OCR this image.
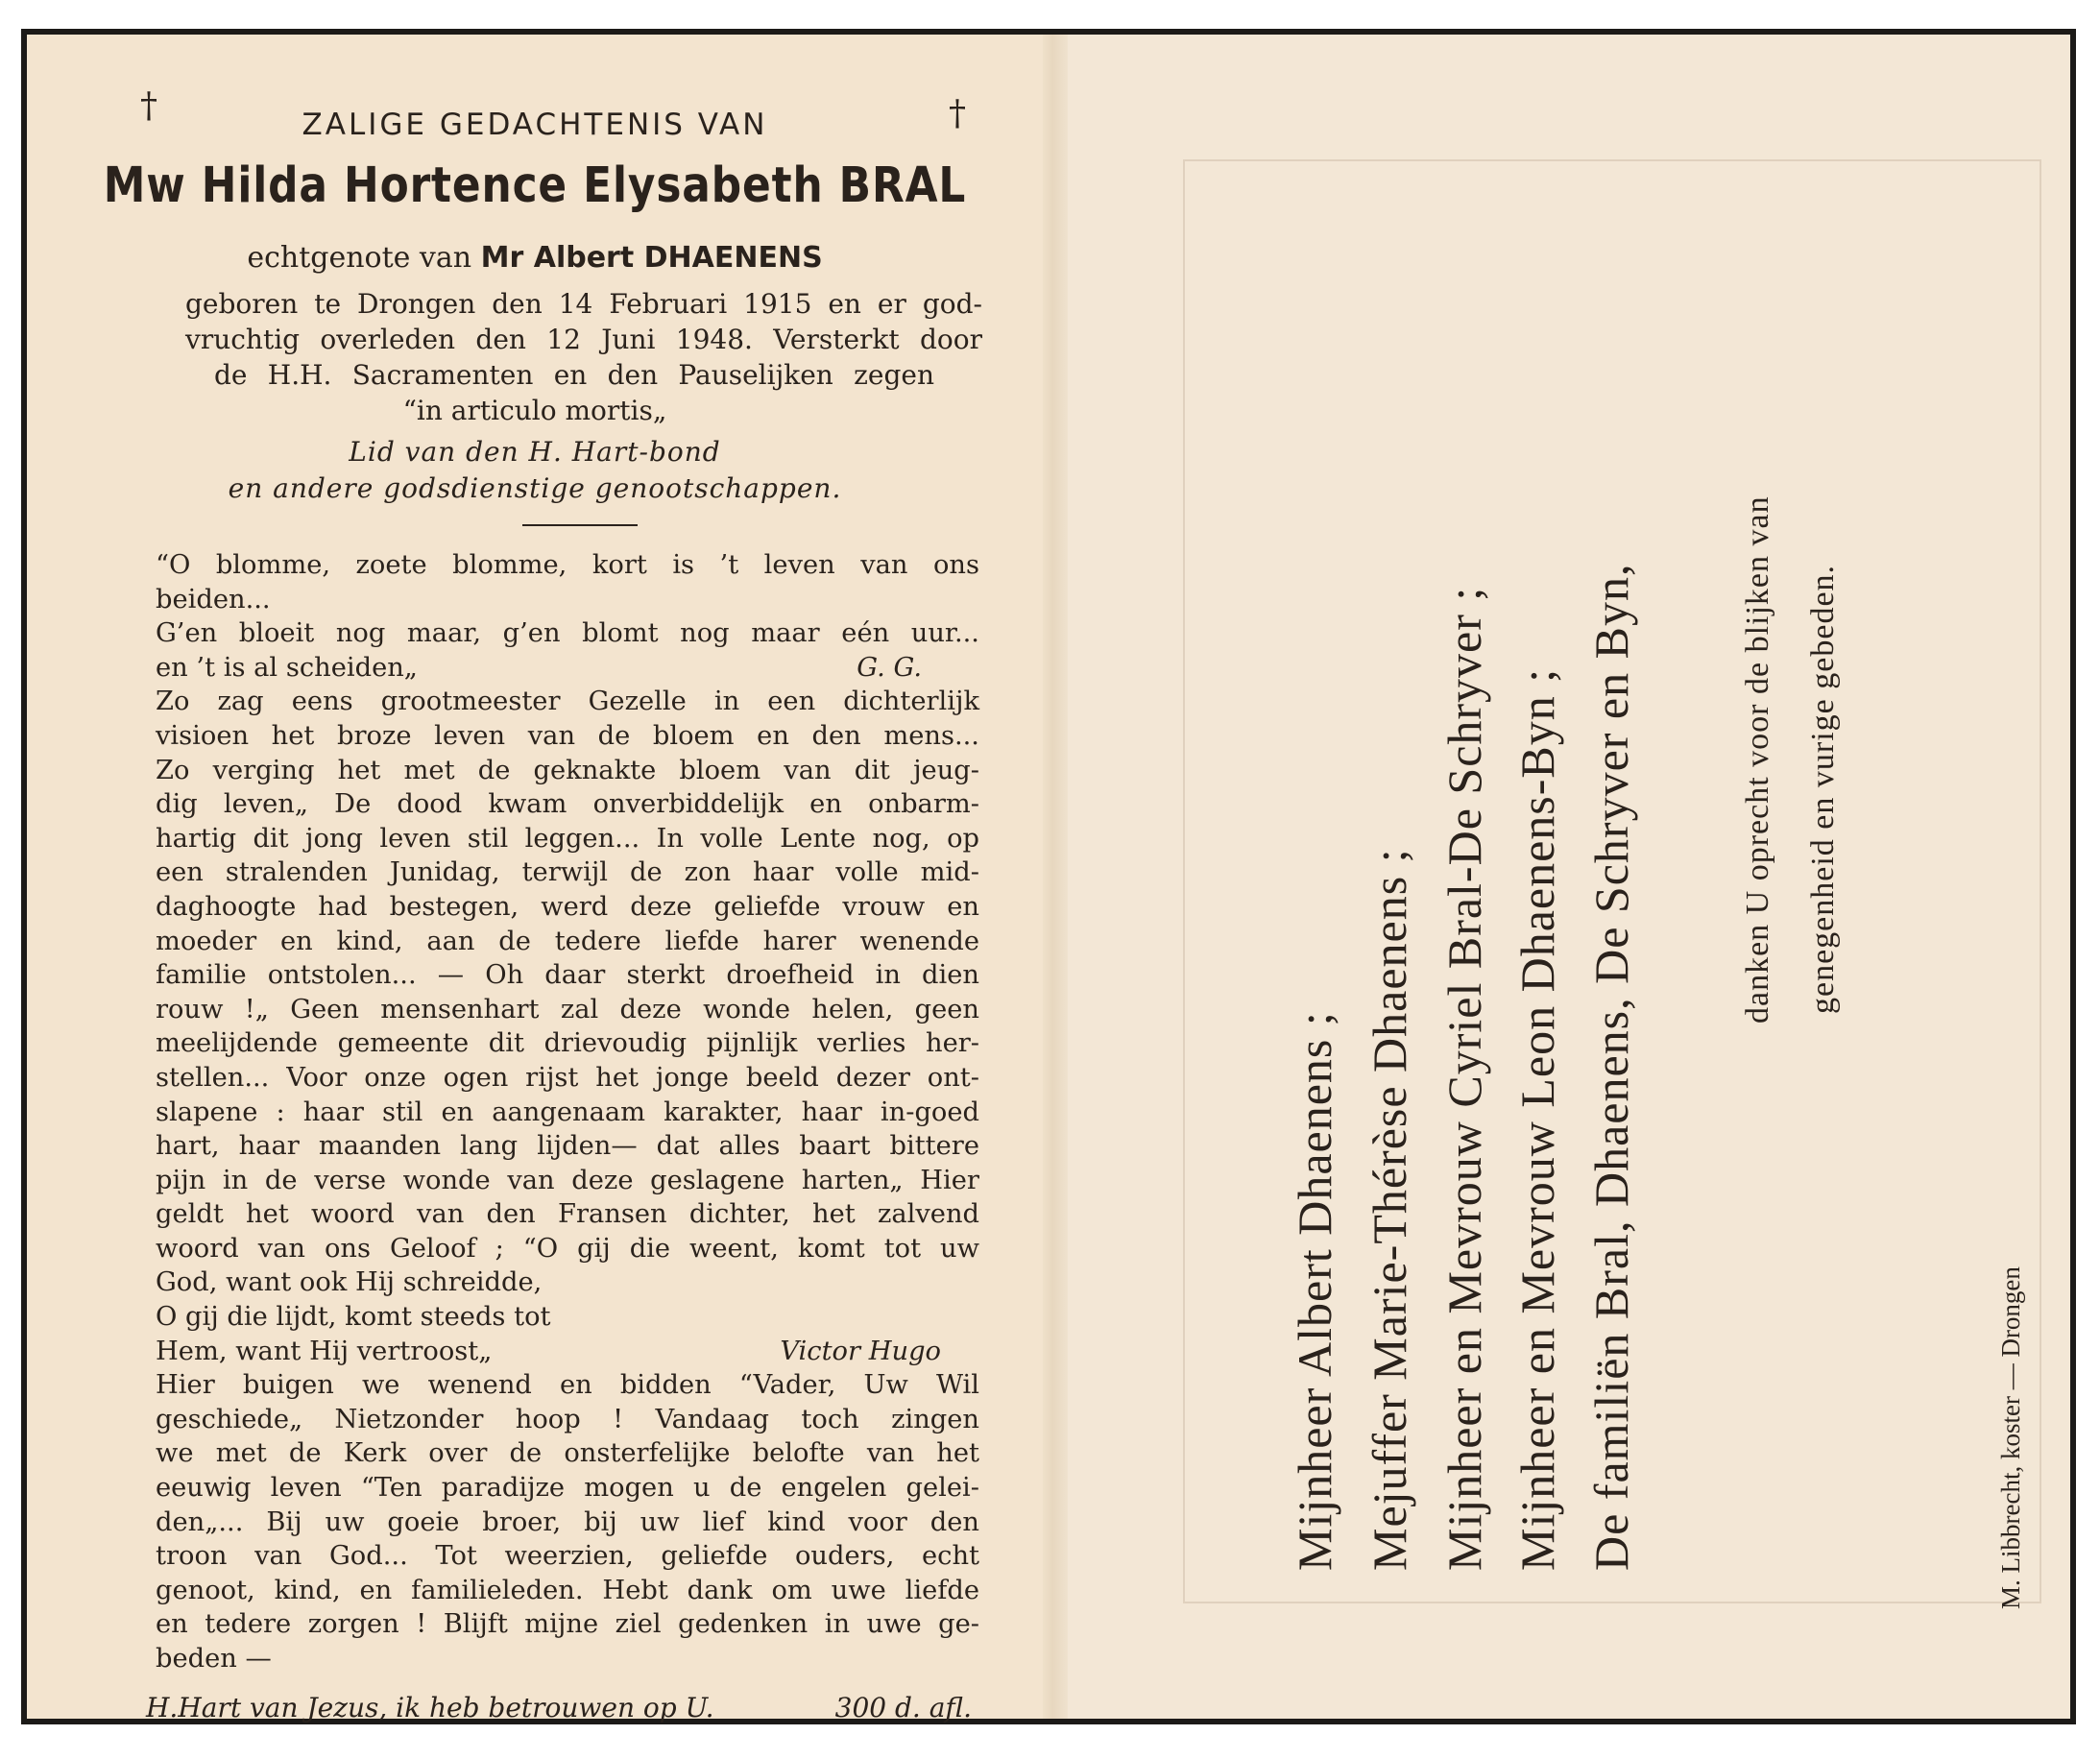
†	†
ZALIGE GEDACHTENIS VAN
Mw Hilda Hortence Elysabeth BRAL
echtgenote van Mr Albert DHAENENS
geboren te Drongen den 14 Februari 1915 en er god-
vruchtig overleden den 12 Juni 1948. Versterkt door
de H.H. Sacramenten en den Pauselijken zegen
“in articulo mortis„
Lid van den H. Hart-bond
en andere godsdienstige genootschappen.
“O blomme, zoete blomme, kort is ’t leven van ons
beiden...
G’en bloeit nog maar, g’en blomt nog maar eén uur...
en ’t is al scheiden„	G. G.
Zo zag eens grootmeester Gezelle in een dichterlijk
visioen het broze leven van de bloem en den mens...
Zo verging het met de geknakte bloem van dit jeug-
dig leven„ De dood kwam onverbiddelijk en onbarm-
hartig dit jong leven stil leggen... In volle Lente nog, op
een stralenden Junidag, terwijl de zon haar volle mid-
daghoogte had bestegen, werd deze geliefde vrouw en
moeder en kind, aan de tedere liefde harer wenende
familie ontstolen... — Oh daar sterkt droefheid in dien
rouw !„ Geen mensenhart zal deze wonde helen, geen
meelijdende gemeente dit drievoudig pijnlijk verlies her-
stellen... Voor onze ogen rijst het jonge beeld dezer ont-
slapene : haar stil en aangenaam karakter, haar in-goed
hart, haar maanden lang lijden— dat alles baart bittere
pijn in de verse wonde van deze geslagene harten„ Hier
geldt het woord van den Fransen dichter, het zalvend
woord van ons Geloof ; “O gij die weent, komt tot uw
God, want ook Hij schreidde,
O gij die lijdt, komt steeds tot
Hem, want Hij vertroost„	Victor Hugo
Hier buigen we wenend en bidden “Vader, Uw Wil
geschiede„ Nietzonder hoop ! Vandaag toch zingen
we met de Kerk over de onsterfelijke belofte van het
eeuwig leven “Ten paradijze mogen u de engelen gelei-
den„... Bij uw goeie broer, bij uw lief kind voor den
troon van God... Tot weerzien, geliefde ouders, echt
genoot, kind, en familieleden. Hebt dank om uwe liefde
en tedere zorgen ! Blijft mijne ziel gedenken in uwe ge-
beden —
H.Hart van Jezus, ik heb betrouwen op U.	300 d. afl.
Mijnheer Albert Dhaenens ; Mejuffer Marie-Thérèse Dhaenens ; Mijnheer en Mevrouw Cyriel Bral-De Schryver ; Mijnheer en Mevrouw Leon Dhaenens-Byn ; De familiën Bral, Dhaenens, De Schryver en Byn,	danken U oprecht voor de blijken van genegenheid en vurige gebeden.
M. Libbrecht, koster — Drongen
